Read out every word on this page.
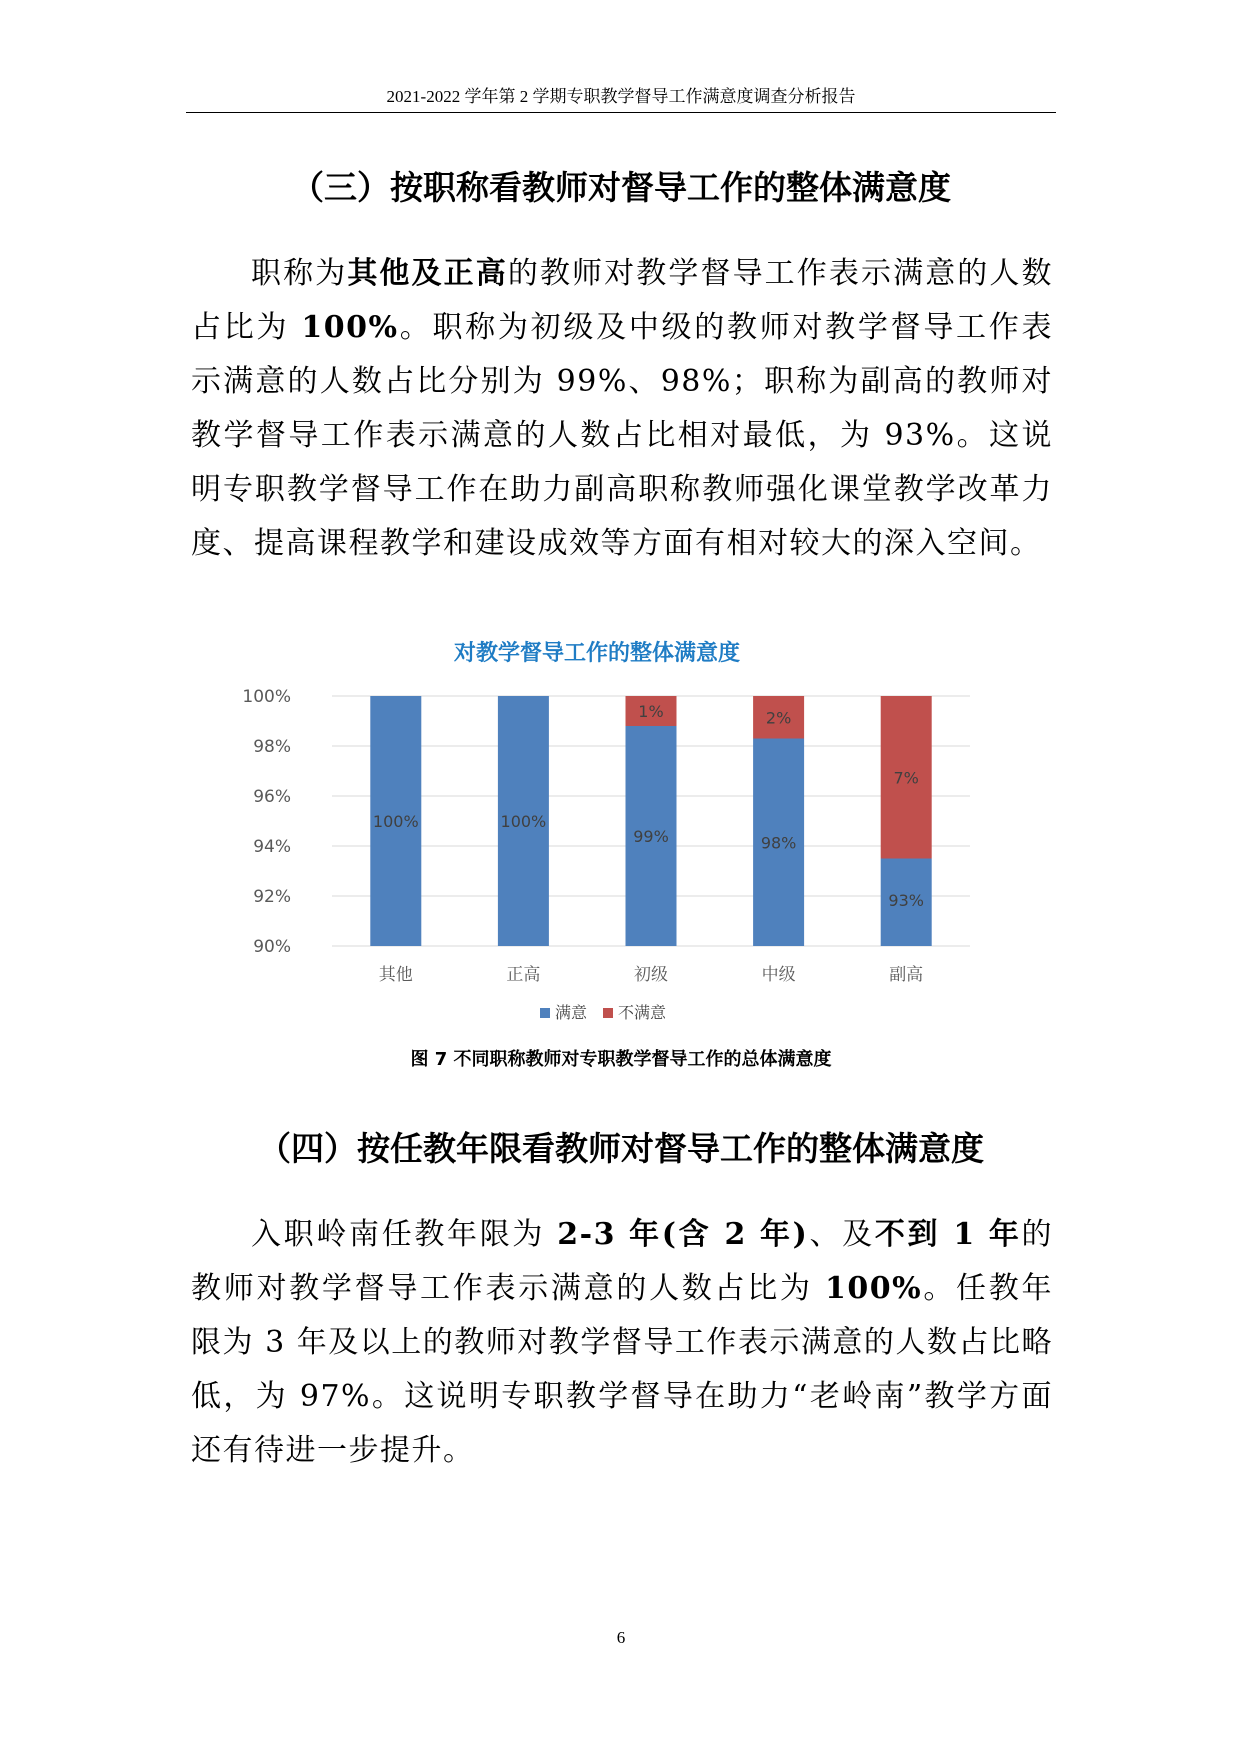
2021-2022 学年第 2 学期专职教学督导工作满意度调查分析报告
（三）按职称看教师对督导工作的整体满意度
职称为其他及正高的教师对教学督导工作表示满意的人数占比为 100%。职称为初级及中级的教师对教学督导工作表示满意的人数占比分别为 99%、98%；职称为副高的教师对教学督导工作表示满意的人数占比相对最低，为 93%。这说明专职教学督导工作在助力副高职称教师强化课堂教学改革力度、提高课程教学和建设成效等方面有相对较大的深入空间。
对教学督导工作的整体满意度
90%
92%
94%
96%
98%
100%
100%	100%
99%
1%
98%
2%
93%
7%
其他	正高	初级	中级	副高
满意 不满意
图 7 不同职称教师对专职教学督导工作的总体满意度
（四）按任教年限看教师对督导工作的整体满意度
入职岭南任教年限为 2-3 年(含 2 年)、及不到 1 年的教师对教学督导工作表示满意的人数占比为 100%。任教年限为 3 年及以上的教师对教学督导工作表示满意的人数占比略低，为 97%。这说明专职教学督导在助力“老岭南”教学方面还有待进一步提升。
6
